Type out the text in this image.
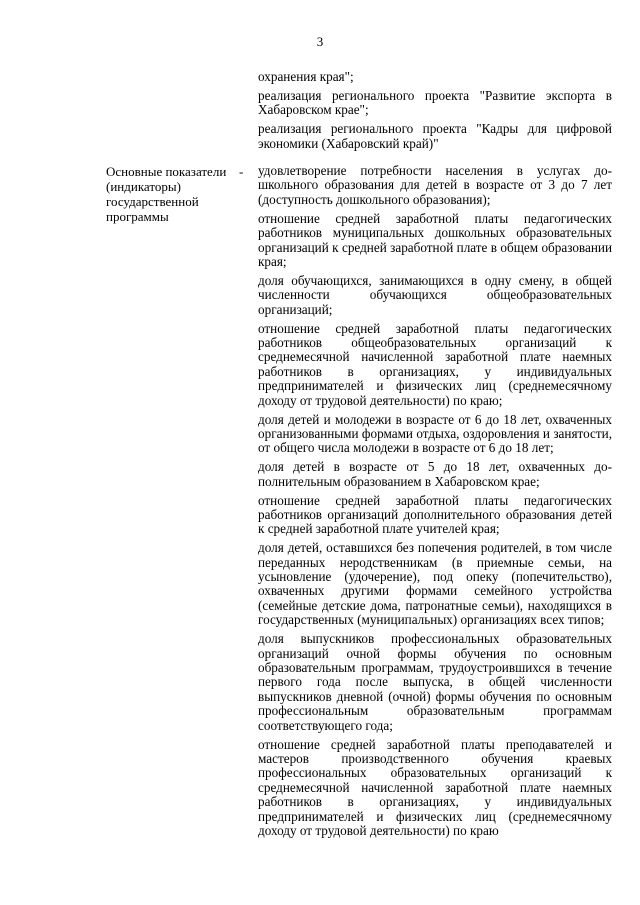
3

охранения края";

реализация регионального проекта "Развитие экспорта в Хабаровском крае";

реализация регионального проекта "Кадры для цифровой экономики (Хабаровский край)"

Основные показатели (индикаторы) государственной программы
- удовлетворение потребности населения в услугах дошкольного образования для детей в возрасте от 3 до 7 лет (доступность дошкольного образования);

отношение средней заработной платы педагогических работников муниципальных дошкольных образовательных организаций к средней заработной плате в общем образовании края;

доля обучающихся, занимающихся в одну смену, в общей численности обучающихся общеобразовательных организаций;

отношение средней заработной платы педагогических работников общеобразовательных организаций к среднемесячной начисленной заработной плате наемных работников в организациях, у индивидуальных предпринимателей и физических лиц (среднемесячному доходу от трудовой деятельности) по краю;

доля детей и молодежи в возрасте от 6 до 18 лет, охваченных организованными формами отдыха, оздоровления и занятости, от общего числа молодежи в возрасте от 6 до 18 лет;

доля детей в возрасте от 5 до 18 лет, охваченных дополнительным образованием в Хабаровском крае;

отношение средней заработной платы педагогических работников организаций дополнительного образования детей к средней заработной плате учителей края;

доля детей, оставшихся без попечения родителей, в том числе переданных неродственникам (в приемные семьи, на усыновление (удочерение), под опеку (попечительство), охваченных другими формами семейного устройства (семейные детские дома, патронатные семьи), находящихся в государственных (муниципальных) организациях всех типов;

доля выпускников профессиональных образовательных организаций очной формы обучения по основным образовательным программам, трудоустроившихся в течение первого года после выпуска, в общей численности выпускников дневной (очной) формы обучения по основным профессиональным образовательным программам соответствующего года;

отношение средней заработной платы преподавателей и мастеров производственного обучения краевых профессиональных образовательных организаций к среднемесячной начисленной заработной плате наемных работников в организациях, у индивидуальных предпринимателей и физических лиц (среднемесячному доходу от трудовой деятельности) по краю
